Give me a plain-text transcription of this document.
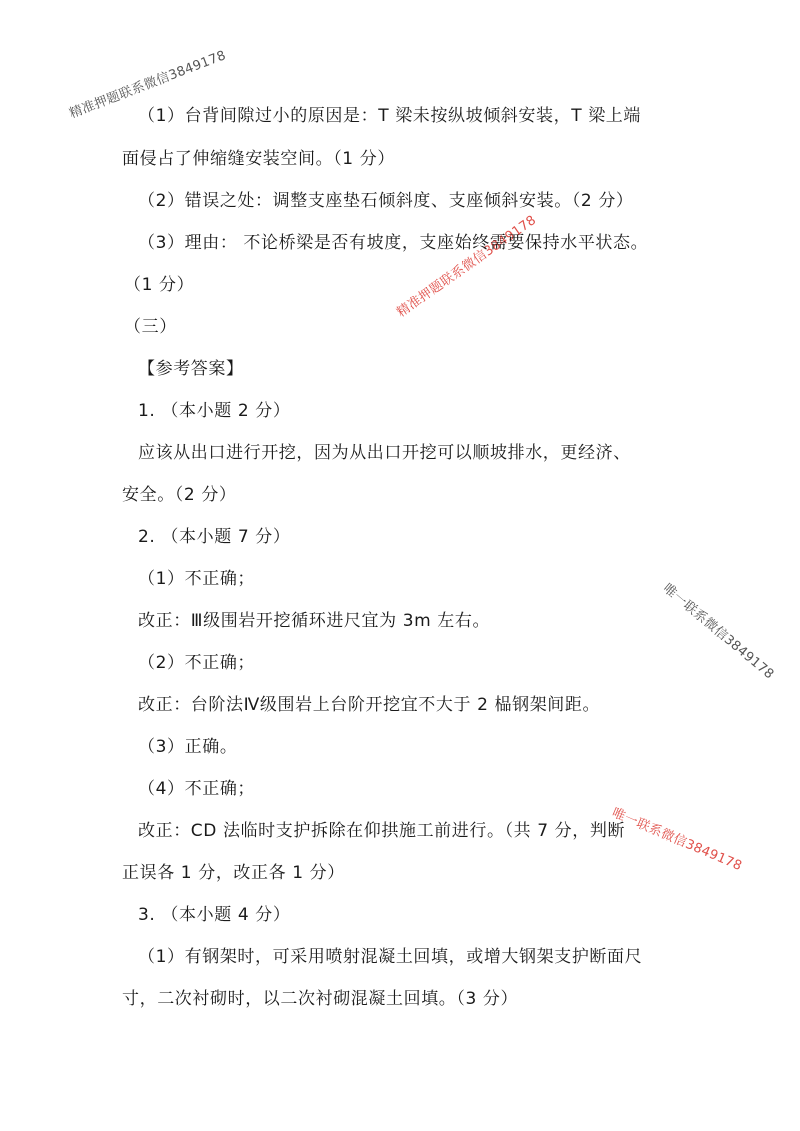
精准押题联系微信3849178
精准押题联系微信3849178
唯一联系微信3849178
唯一联系微信3849178
（1）台背间隙过小的原因是：T 梁未按纵坡倾斜安装，T 梁上端
面侵占了伸缩缝安装空间。（1 分）
（2）错误之处：调整支座垫石倾斜度、支座倾斜安装。（2 分）
（3）理由： 不论桥梁是否有坡度，支座始终需要保持水平状态。
（1 分）
（三）
【参考答案】
1. （本小题 2 分）
应该从出口进行开挖，因为从出口开挖可以顺坡排水，更经济、
安全。（2 分）
2. （本小题 7 分）
（1）不正确；
改正：Ⅲ级围岩开挖循环进尺宜为 3m 左右。
（2）不正确；
改正：台阶法Ⅳ级围岩上台阶开挖宜不大于 2 榀钢架间距。
（3）正确。
（4）不正确；
改正：CD 法临时支护拆除在仰拱施工前进行。（共 7 分，判断
正误各 1 分，改正各 1 分）
3. （本小题 4 分）
（1）有钢架时，可采用喷射混凝土回填，或增大钢架支护断面尺
寸，二次衬砌时，以二次衬砌混凝土回填。（3 分）
